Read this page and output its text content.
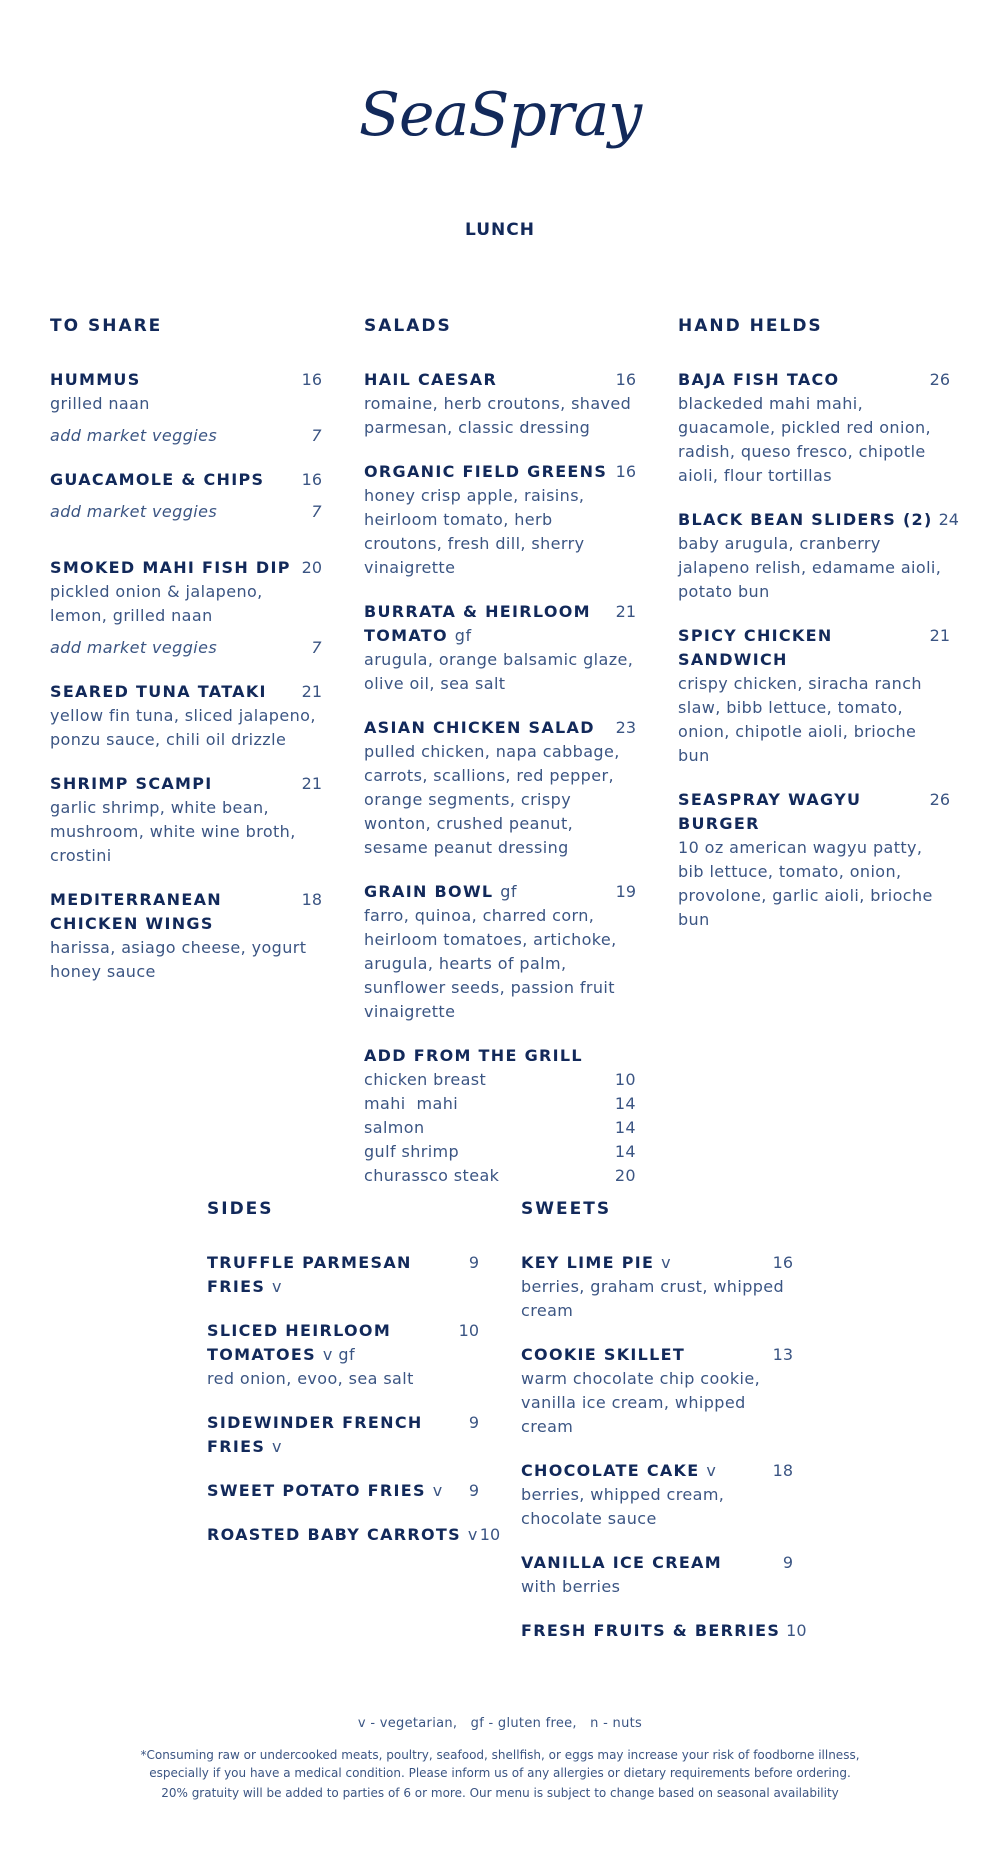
SeaSpray
LUNCH
TO SHARE
HUMMUS	16
grilled naan
add market veggies	7
GUACAMOLE & CHIPS	16
add market veggies	7
SMOKED MAHI FISH DIP 20
pickled onion & jalapeno, lemon, grilled naan
add market veggies	7
SEARED TUNA TATAKI	21
yellow fin tuna, sliced jalapeno, ponzu sauce, chili oil drizzle
SHRIMP SCAMPI	21
garlic shrimp, white bean, mushroom, white wine broth, crostini
MEDITERRANEAN CHICKEN WINGS
18
harissa, asiago cheese, yogurt honey sauce
SALADS
HAIL CAESAR	16
romaine, herb croutons, shaved parmesan, classic dressing
ORGANIC FIELD GREENS 16
honey crisp apple, raisins, heirloom tomato, herb croutons, fresh dill, sherry vinaigrette
BURRATA & HEIRLOOM TOMATO gf
21
arugula, orange balsamic glaze, olive oil, sea salt
ASIAN CHICKEN SALAD	23
pulled chicken, napa cabbage, carrots, scallions, red pepper, orange segments, crispy wonton, crushed peanut, sesame peanut dressing
GRAIN BOWL gf	19
farro, quinoa, charred corn, heirloom tomatoes, artichoke, arugula, hearts of palm, sunflower seeds, passion fruit vinaigrette
ADD FROM THE GRILL
chicken breast	10
mahi  mahi	14
salmon	14
gulf shrimp	14
churassco steak	20
HAND HELDS
BAJA FISH TACO	26
blackeded mahi mahi, guacamole, pickled red onion, radish, queso fresco, chipotle aioli, flour tortillas
BLACK BEAN SLIDERS (2) 24
baby arugula, cranberry jalapeno relish, edamame aioli, potato bun
SPICY CHICKEN SANDWICH
21
crispy chicken, siracha ranch slaw, bibb lettuce, tomato, onion, chipotle aioli, brioche bun
SEASPRAY WAGYU BURGER
26
10 oz american wagyu patty, bib lettuce, tomato, onion, provolone, garlic aioli, brioche bun
SIDES
TRUFFLE PARMESAN FRIES v
9
SLICED HEIRLOOM TOMATOES v gf
10
red onion, evoo, sea salt
SIDEWINDER FRENCH FRIES v
9
SWEET POTATO FRIES v	9
ROASTED BABY CARROTS v 10
SWEETS
KEY LIME PIE v	16
berries, graham crust, whipped cream
COOKIE SKILLET	13
warm chocolate chip cookie, vanilla ice cream, whipped cream
CHOCOLATE CAKE v	18
berries, whipped cream, chocolate sauce
VANILLA ICE CREAM	9
with berries
FRESH FRUITS & BERRIES 10
v - vegetarian,   gf - gluten free,   n - nuts
*Consuming raw or undercooked meats, poultry, seafood, shellfish, or eggs may increase your risk of foodborne illness,
especially if you have a medical condition. Please inform us of any allergies or dietary requirements before ordering.
20% gratuity will be added to parties of 6 or more. Our menu is subject to change based on seasonal availability
